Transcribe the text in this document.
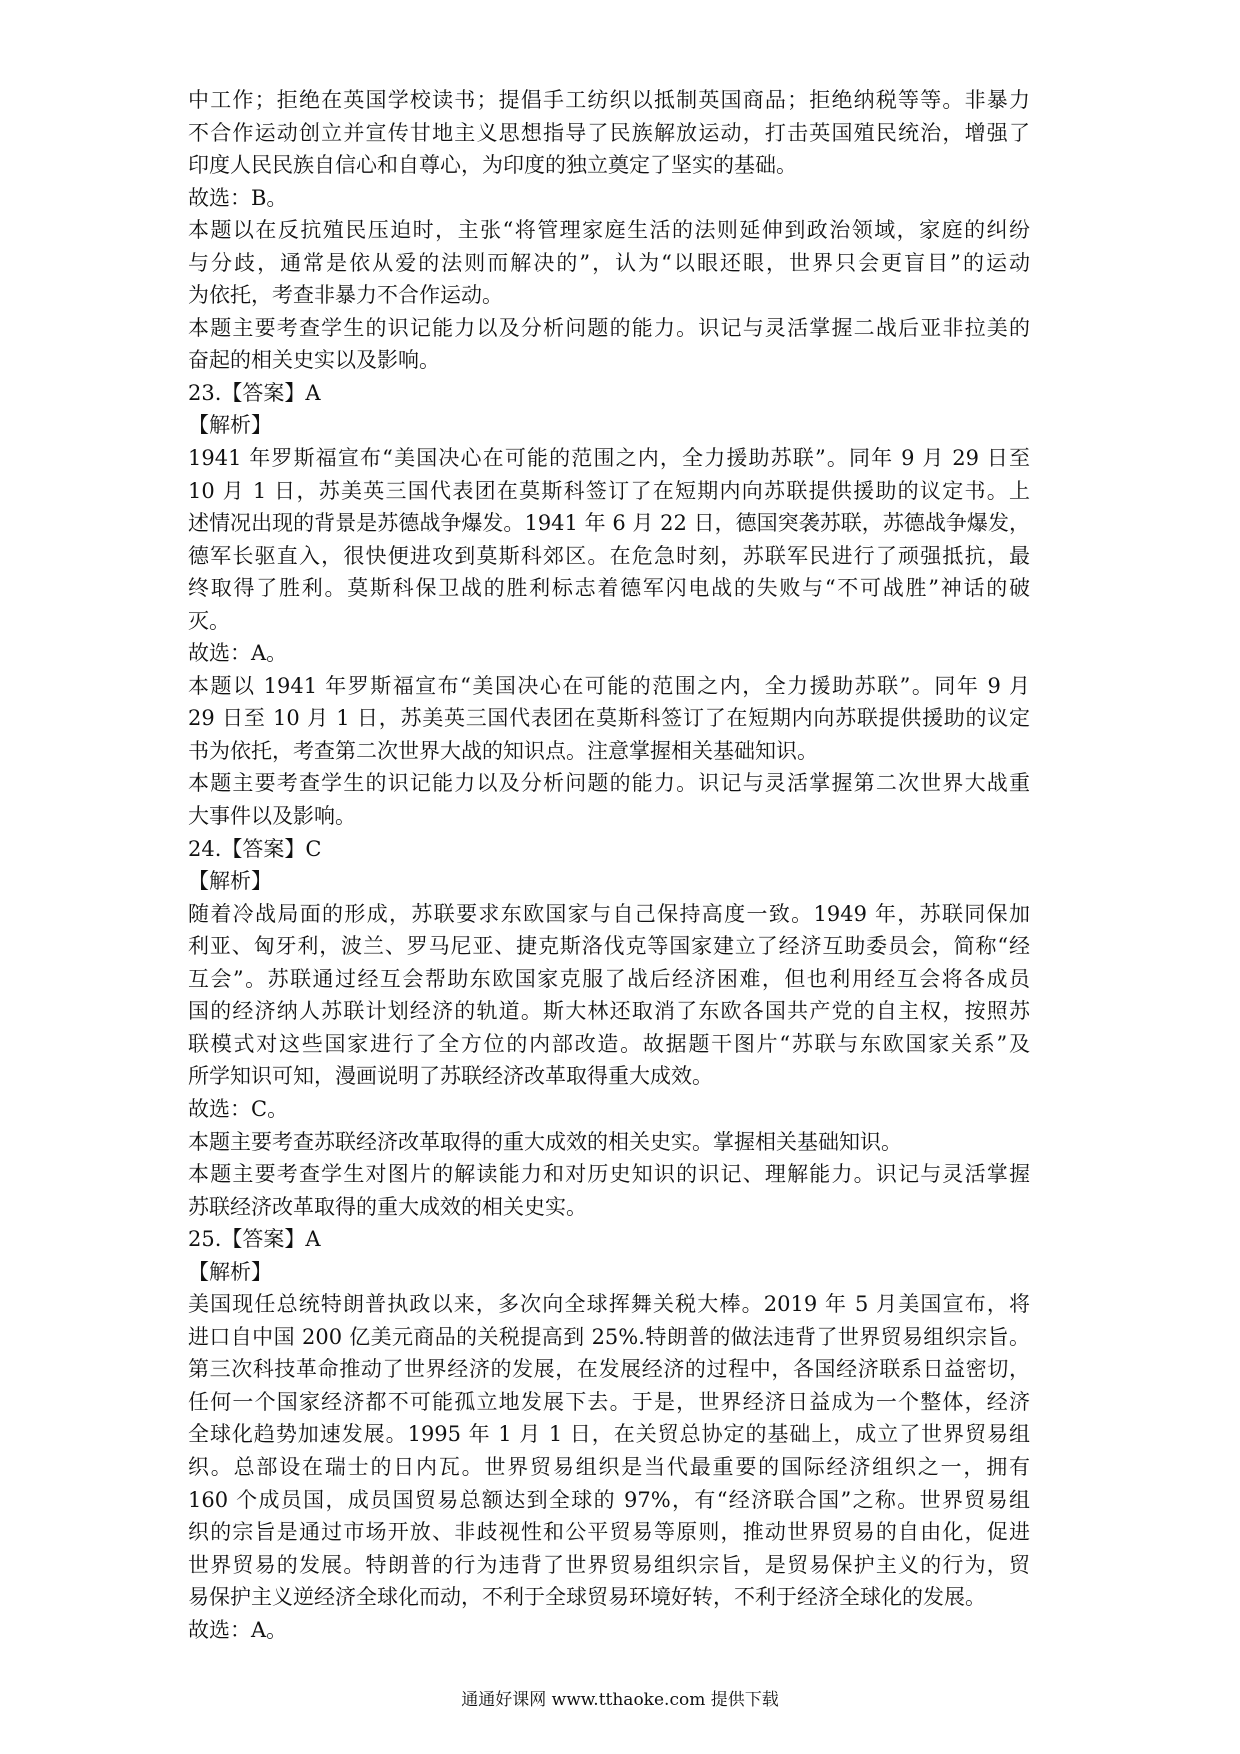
中工作；拒绝在英国学校读书；提倡手工纺织以抵制英国商品；拒绝纳税等等。非暴力
不合作运动创立并宣传甘地主义思想指导了民族解放运动，打击英国殖民统治，增强了
印度人民民族自信心和自尊心，为印度的独立奠定了坚实的基础。
故选：B。
本题以在反抗殖民压迫时，主张“将管理家庭生活的法则延伸到政治领域，家庭的纠纷
与分歧，通常是依从爱的法则而解决的”，认为“以眼还眼，世界只会更盲目”的运动
为依托，考查非暴力不合作运动。
本题主要考查学生的识记能力以及分析问题的能力。识记与灵活掌握二战后亚非拉美的
奋起的相关史实以及影响。
23.【答案】A
【解析】
1941 年罗斯福宣布“美国决心在可能的范围之内，全力援助苏联”。同年 9 月 29 日至
10 月 1 日，苏美英三国代表团在莫斯科签订了在短期内向苏联提供援助的议定书。上
述情况出现的背景是苏德战争爆发。1941 年 6 月 22 日，德国突袭苏联，苏德战争爆发，
德军长驱直入，很快便进攻到莫斯科郊区。在危急时刻，苏联军民进行了顽强抵抗，最
终取得了胜利。莫斯科保卫战的胜利标志着德军闪电战的失败与“不可战胜”神话的破
灭。
故选：A。
本题以 1941 年罗斯福宣布“美国决心在可能的范围之内，全力援助苏联”。同年 9 月
29 日至 10 月 1 日，苏美英三国代表团在莫斯科签订了在短期内向苏联提供援助的议定
书为依托，考查第二次世界大战的知识点。注意掌握相关基础知识。
本题主要考查学生的识记能力以及分析问题的能力。识记与灵活掌握第二次世界大战重
大事件以及影响。
24.【答案】C
【解析】
随着冷战局面的形成，苏联要求东欧国家与自己保持高度一致。1949 年，苏联同保加
利亚、匈牙利，波兰、罗马尼亚、捷克斯洛伐克等国家建立了经济互助委员会，简称“经
互会”。苏联通过经互会帮助东欧国家克服了战后经济困难，但也利用经互会将各成员
国的经济纳人苏联计划经济的轨道。斯大林还取消了东欧各国共产党的自主权，按照苏
联模式对这些国家进行了全方位的内部改造。故据题干图片“苏联与东欧国家关系”及
所学知识可知，漫画说明了苏联经济改革取得重大成效。
故选：C。
本题主要考查苏联经济改革取得的重大成效的相关史实。掌握相关基础知识。
本题主要考查学生对图片的解读能力和对历史知识的识记、理解能力。识记与灵活掌握
苏联经济改革取得的重大成效的相关史实。
25.【答案】A
【解析】
美国现任总统特朗普执政以来，多次向全球挥舞关税大棒。2019 年 5 月美国宣布，将
进口自中国 200 亿美元商品的关税提高到 25%.特朗普的做法违背了世界贸易组织宗旨。
第三次科技革命推动了世界经济的发展，在发展经济的过程中，各国经济联系日益密切，
任何一个国家经济都不可能孤立地发展下去。于是，世界经济日益成为一个整体，经济
全球化趋势加速发展。1995 年 1 月 1 日，在关贸总协定的基础上，成立了世界贸易组
织。总部设在瑞士的日内瓦。世界贸易组织是当代最重要的国际经济组织之一，拥有
160 个成员国，成员国贸易总额达到全球的 97%，有“经济联合国”之称。世界贸易组
织的宗旨是通过市场开放、非歧视性和公平贸易等原则，推动世界贸易的自由化，促进
世界贸易的发展。特朗普的行为违背了世界贸易组织宗旨，是贸易保护主义的行为，贸
易保护主义逆经济全球化而动，不利于全球贸易环境好转，不利于经济全球化的发展。
故选：A。
通通好课网 www.tthaoke.com 提供下载
